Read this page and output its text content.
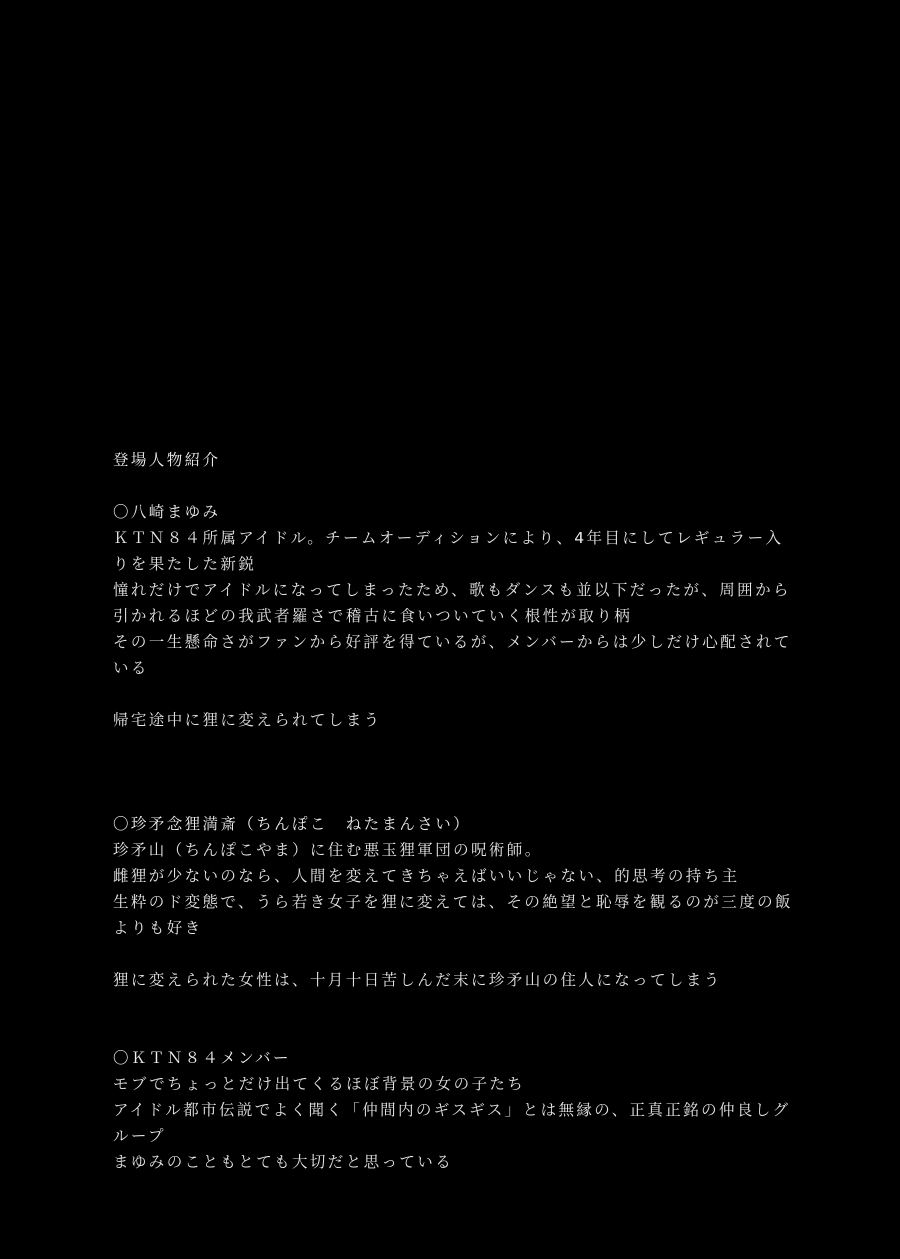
登場人物紹介
〇八崎まゆみ
ＫＴＮ８４所属アイドル。チームオーディションにより、4年目にしてレギュラー入りを果たした新鋭
憧れだけでアイドルになってしまったため、歌もダンスも並以下だったが、周囲から引かれるほどの我武者羅さで稽古に食いついていく根性が取り柄
その一生懸命さがファンから好評を得ているが、メンバーからは少しだけ心配されている
帰宅途中に狸に変えられてしまう
〇珍矛念狸満斎（ちんぽこ　ねたまんさい）
珍矛山（ちんぽこやま）に住む悪玉狸軍団の呪術師。
雌狸が少ないのなら、人間を変えてきちゃえばいいじゃない、的思考の持ち主
生粋のド変態で、うら若き女子を狸に変えては、その絶望と恥辱を観るのが三度の飯よりも好き
狸に変えられた女性は、十月十日苦しんだ末に珍矛山の住人になってしまう
〇ＫＴＮ８４メンバー
モブでちょっとだけ出てくるほぼ背景の女の子たち
アイドル都市伝説でよく聞く「仲間内のギスギス」とは無縁の、正真正銘の仲良しグループ
まゆみのこともとても大切だと思っている
